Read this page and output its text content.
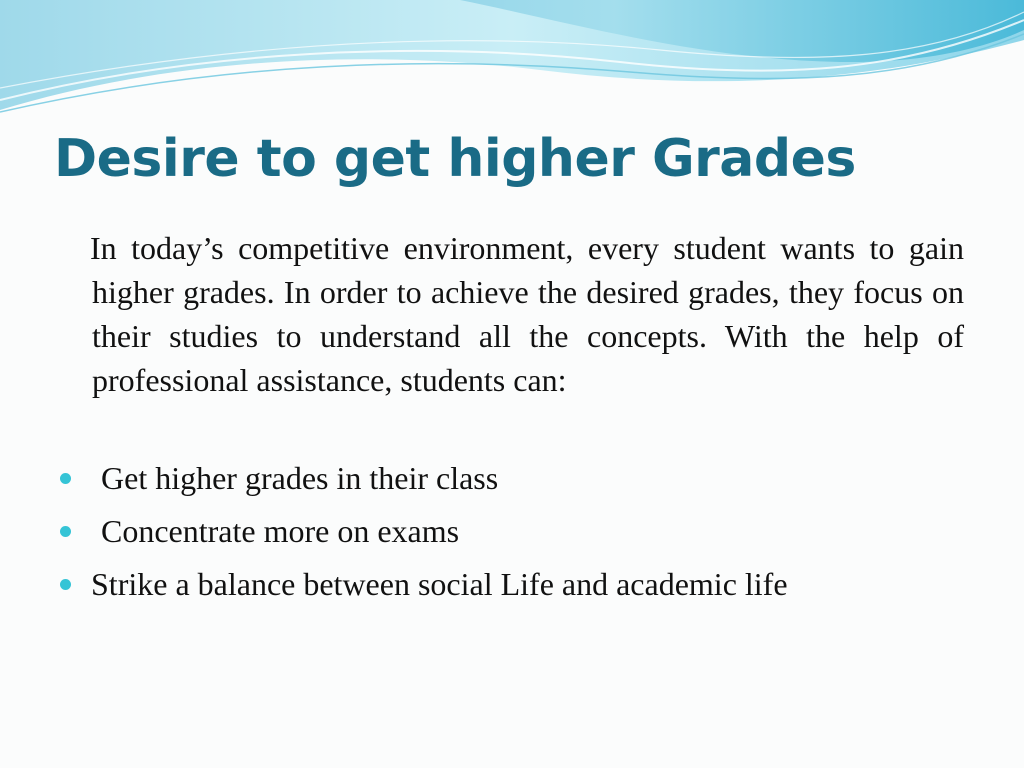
Desire to get higher Grades

In today’s competitive environment, every student wants to gain higher grades. In order to achieve the desired grades, they focus on their studies to understand all the concepts. With the help of professional assistance, students can:

Get higher grades in their class
Concentrate more on exams
Strike a balance between social Life and academic life
